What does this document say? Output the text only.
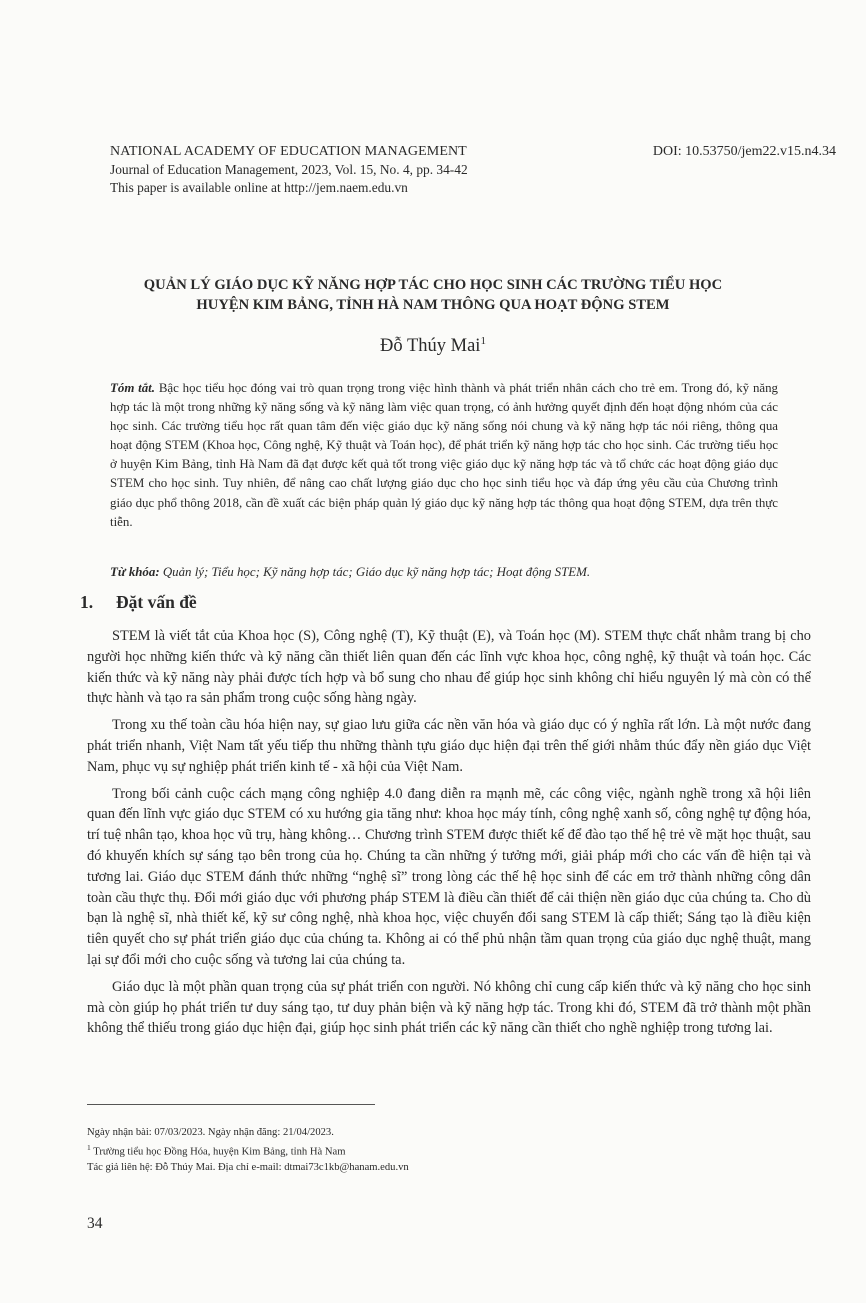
NATIONAL ACADEMY OF EDUCATION MANAGEMENT
Journal of Education Management, 2023, Vol. 15, No. 4, pp. 34-42
This paper is available online at http://jem.naem.edu.vn
DOI: 10.53750/jem22.v15.n4.34
QUẢN LÝ GIÁO DỤC KỸ NĂNG HỢP TÁC CHO HỌC SINH CÁC TRƯỜNG TIỂU HỌC
HUYỆN KIM BẢNG, TỈNH HÀ NAM THÔNG QUA HOẠT ĐỘNG STEM
Đỗ Thúy Mai$^1$
Tóm tắt. Bậc học tiểu học đóng vai trò quan trọng trong việc hình thành và phát triển nhân cách cho trẻ em. Trong đó, kỹ năng hợp tác là một trong những kỹ năng sống và kỹ năng làm việc quan trọng, có ảnh hưởng quyết định đến hoạt động nhóm của các học sinh. Các trường tiểu học rất quan tâm đến việc giáo dục kỹ năng sống nói chung và kỹ năng hợp tác nói riêng, thông qua hoạt động STEM (Khoa học, Công nghệ, Kỹ thuật và Toán học), để phát triển kỹ năng hợp tác cho học sinh. Các trường tiểu học ở huyện Kim Bảng, tỉnh Hà Nam đã đạt được kết quả tốt trong việc giáo dục kỹ năng hợp tác và tổ chức các hoạt động giáo dục STEM cho học sinh. Tuy nhiên, để nâng cao chất lượng giáo dục cho học sinh tiểu học và đáp ứng yêu cầu của Chương trình giáo dục phổ thông 2018, cần đề xuất các biện pháp quản lý giáo dục kỹ năng hợp tác thông qua hoạt động STEM, dựa trên thực tiễn.
Từ khóa: Quản lý; Tiểu học; Kỹ năng hợp tác; Giáo dục kỹ năng hợp tác; Hoạt động STEM.
1. Đặt vấn đề

STEM là viết tắt của Khoa học (S), Công nghệ (T), Kỹ thuật (E), và Toán học (M). STEM thực chất nhằm trang bị cho người học những kiến thức và kỹ năng cần thiết liên quan đến các lĩnh vực khoa học, công nghệ, kỹ thuật và toán học. Các kiến thức và kỹ năng này phải được tích hợp và bổ sung cho nhau để giúp học sinh không chỉ hiểu nguyên lý mà còn có thể thực hành và tạo ra sản phẩm trong cuộc sống hàng ngày.

Trong xu thế toàn cầu hóa hiện nay, sự giao lưu giữa các nền văn hóa và giáo dục có ý nghĩa rất lớn. Là một nước đang phát triển nhanh, Việt Nam tất yếu tiếp thu những thành tựu giáo dục hiện đại trên thế giới nhằm thúc đẩy nền giáo dục Việt Nam, phục vụ sự nghiệp phát triển kinh tế - xã hội của Việt Nam.

Trong bối cảnh cuộc cách mạng công nghiệp 4.0 đang diễn ra mạnh mẽ, các công việc, ngành nghề trong xã hội liên quan đến lĩnh vực giáo dục STEM có xu hướng gia tăng như: khoa học máy tính, công nghệ xanh số, công nghệ tự động hóa, trí tuệ nhân tạo, khoa học vũ trụ, hàng không… Chương trình STEM được thiết kế để đào tạo thế hệ trẻ về mặt học thuật, sau đó khuyến khích sự sáng tạo bên trong của họ. Chúng ta cần những ý tưởng mới, giải pháp mới cho các vấn đề hiện tại và tương lai. Giáo dục STEM đánh thức những “nghệ sĩ” trong lòng các thế hệ học sinh để các em trở thành những công dân toàn cầu thực thụ. Đổi mới giáo dục với phương pháp STEM là điều cần thiết để cải thiện nền giáo dục của chúng ta. Cho dù bạn là nghệ sĩ, nhà thiết kế, kỹ sư công nghệ, nhà khoa học, việc chuyển đổi sang STEM là cấp thiết; Sáng tạo là điều kiện tiên quyết cho sự phát triển giáo dục của chúng ta. Không ai có thể phủ nhận tầm quan trọng của giáo dục nghệ thuật, mang lại sự đổi mới cho cuộc sống và tương lai của chúng ta.

Giáo dục là một phần quan trọng của sự phát triển con người. Nó không chỉ cung cấp kiến thức và kỹ năng cho học sinh mà còn giúp họ phát triển tư duy sáng tạo, tư duy phản biện và kỹ năng hợp tác. Trong khi đó, STEM đã trở thành một phần không thể thiếu trong giáo dục hiện đại, giúp học sinh phát triển các kỹ năng cần thiết cho nghề nghiệp trong tương lai.

Ngày nhận bài: 07/03/2023. Ngày nhận đăng: 21/04/2023.
$^1$ Trường tiểu học Đồng Hóa, huyện Kim Bảng, tỉnh Hà Nam
Tác giả liên hệ: Đỗ Thúy Mai. Địa chỉ e-mail: dtmai73c1kb@hanam.edu.vn
34
